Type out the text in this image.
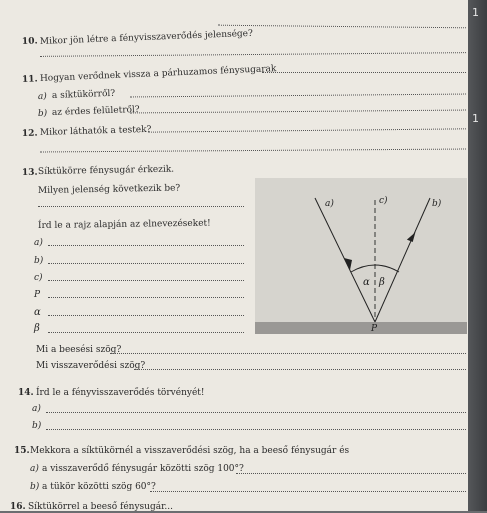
10. Mikor jön létre a fényvisszaverődés jelensége?
11. Hogyan verődnek vissza a párhuzamos fénysugarak
a) a síktükörről?
b) az érdes felületről?
12. Mikor láthatók a testek?
13. Síktükörre fénysugár érkezik.
Milyen jelenség következik be?
Írd le a rajz alapján az elnevezéseket!
a)
b)
c)
P
α
β
Mi a beesési szög?
Mi visszaverődési szög?
a)	c)	b)
α β
P
14. Írd le a fényvisszaverődés törvényét!
a)
b)
15. Mekkora a síktükörnél a visszaverődési szög, ha a beeső fénysugár és
a) a visszaverődő fénysugár közötti szög 100°?
b) a tükör közötti szög 60°?
16. Síktükörrel a beeső fénysugár...
1
1
